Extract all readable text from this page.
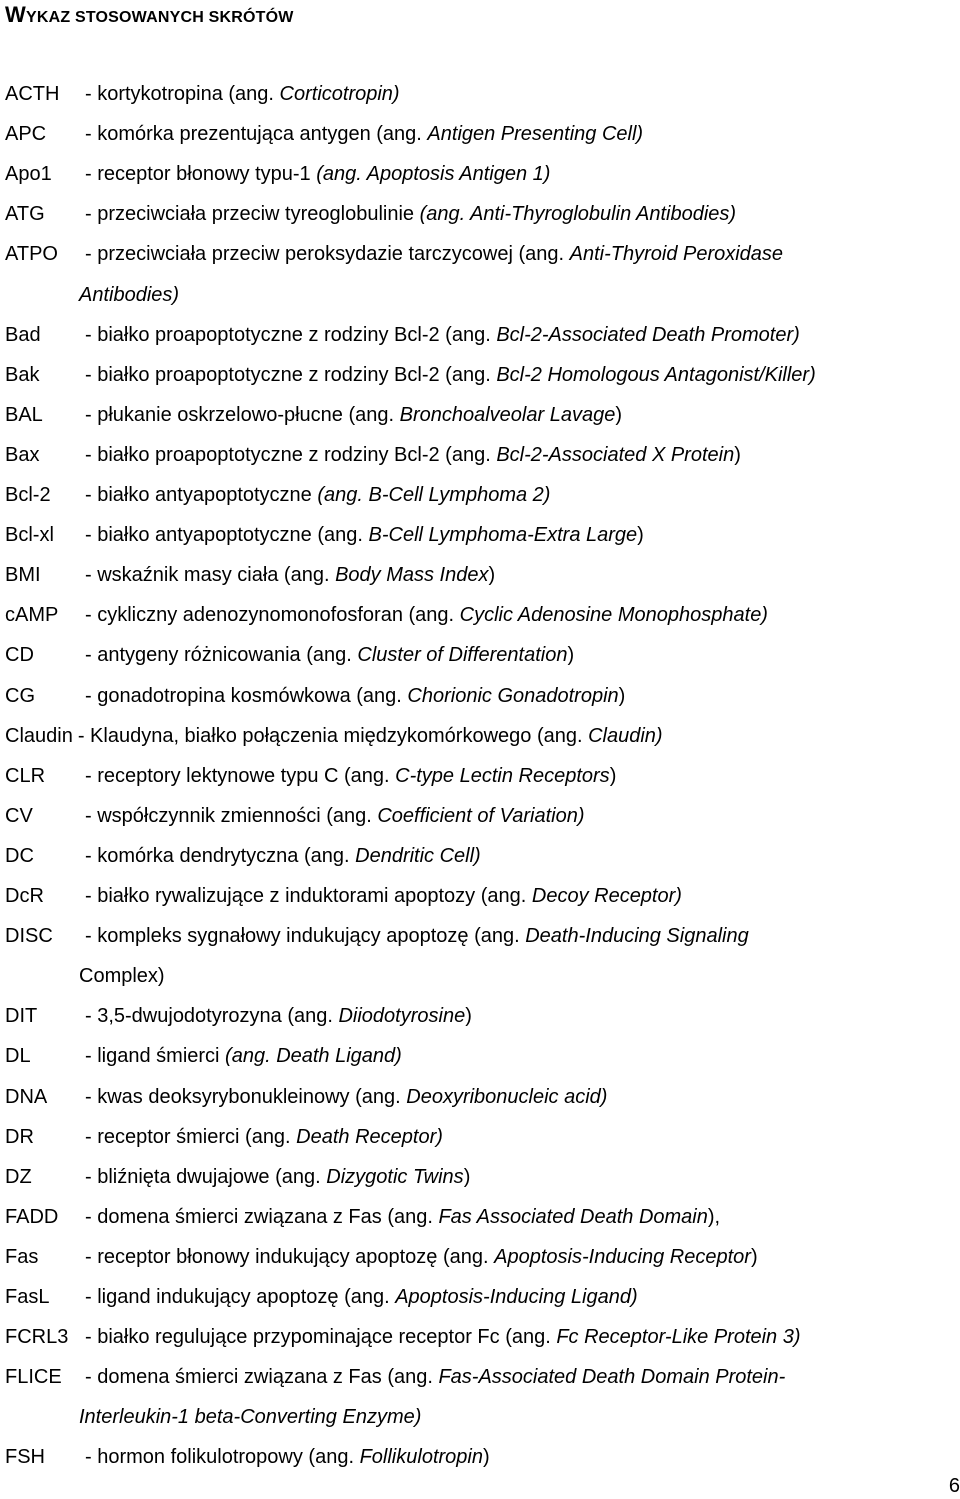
WYKAZ STOSOWANYCH SKRÓTÓW
ACTH - kortykotropina (ang. Corticotropin)
APC - komórka prezentująca antygen (ang. Antigen Presenting Cell)
Apo1 - receptor błonowy typu-1 (ang. Apoptosis Antigen 1)
ATG - przeciwciała przeciw tyreoglobulinie (ang. Anti-Thyroglobulin Antibodies)
ATPO - przeciwciała przeciw peroksydazie tarczycowej (ang. Anti-Thyroid Peroxidase
Antibodies)
Bad - białko proapoptotyczne z rodziny Bcl-2 (ang. Bcl-2-Associated Death Promoter)
Bak - białko proapoptotyczne z rodziny Bcl-2 (ang. Bcl-2 Homologous Antagonist/Killer)
BAL - płukanie oskrzelowo-płucne (ang. Bronchoalveolar Lavage)
Bax - białko proapoptotyczne z rodziny Bcl-2 (ang. Bcl-2-Associated X Protein)
Bcl-2 - białko antyapoptotyczne (ang. B-Cell Lymphoma 2)
Bcl-xl - białko antyapoptotyczne (ang. B-Cell Lymphoma-Extra Large)
BMI - wskaźnik masy ciała (ang. Body Mass Index)
cAMP - cykliczny adenozynomonofosforan (ang. Cyclic Adenosine Monophosphate)
CD	- antygeny różnicowania (ang. Cluster of Differentation)
CG	- gonadotropina kosmówkowa (ang. Chorionic Gonadotropin)
Claudin - Klaudyna, białko połączenia międzykomórkowego (ang. Claudin)
CLR - receptory lektynowe typu C (ang. C-type Lectin Receptors)
CV	- współczynnik zmienności (ang. Coefficient of Variation)
DC	- komórka dendrytyczna (ang. Dendritic Cell)
DcR - białko rywalizujące z induktorami apoptozy (ang. Decoy Receptor)
DISC - kompleks sygnałowy indukujący apoptozę (ang. Death-Inducing Signaling
Complex)
DIT - 3,5-dwujodotyrozyna (ang. Diiodotyrosine)
DL	- ligand śmierci (ang. Death Ligand)
DNA - kwas deoksyrybonukleinowy (ang. Deoxyribonucleic acid)
DR	- receptor śmierci (ang. Death Receptor)
DZ	- bliźnięta dwujajowe (ang. Dizygotic Twins)
FADD - domena śmierci związana z Fas (ang. Fas Associated Death Domain),
Fas - receptor błonowy indukujący apoptozę (ang. Apoptosis-Inducing Receptor)
FasL - ligand indukujący apoptozę (ang. Apoptosis-Inducing Ligand)
FCRL3 - białko regulujące przypominające receptor Fc (ang. Fc Receptor-Like Protein 3)
FLICE - domena śmierci związana z Fas (ang. Fas-Associated Death Domain Protein-
Interleukin-1 beta-Converting Enzyme)
FSH - hormon folikulotropowy (ang. Follikulotropin)
6
